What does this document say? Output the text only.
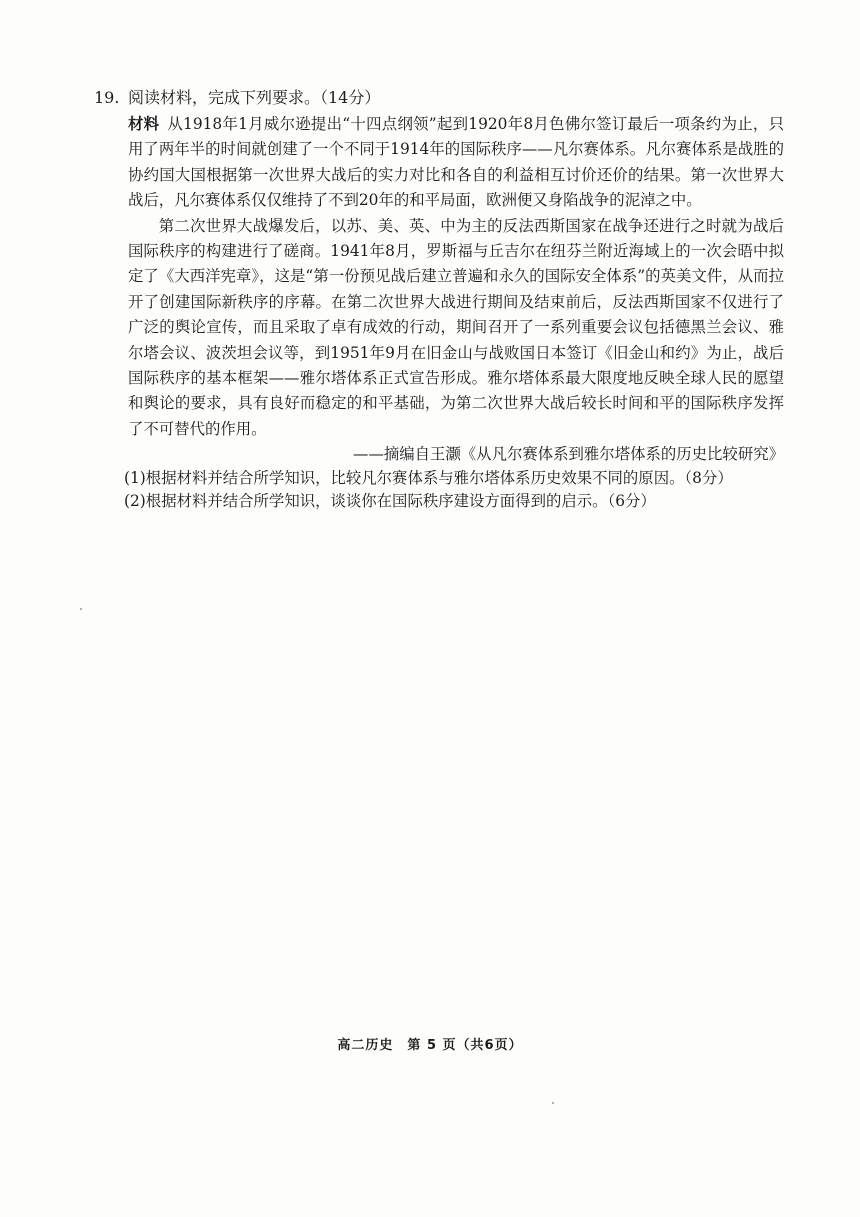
19. 阅读材料，完成下列要求。（14分）

材料 从1918年1月威尔逊提出“十四点纲领”起到1920年8月色佛尔签订最后一项条约为止，只用了两年半的时间就创建了一个不同于1914年的国际秩序——凡尔赛体系。凡尔赛体系是战胜的协约国大国根据第一次世界大战后的实力对比和各自的利益相互讨价还价的结果。第一次世界大战后，凡尔赛体系仅仅维持了不到20年的和平局面，欧洲便又身陷战争的泥淖之中。

第二次世界大战爆发后，以苏、美、英、中为主的反法西斯国家在战争还进行之时就为战后国际秩序的构建进行了磋商。1941年8月，罗斯福与丘吉尔在纽芬兰附近海域上的一次会晤中拟定了《大西洋宪章》，这是“第一份预见战后建立普遍和永久的国际安全体系”的英美文件，从而拉开了创建国际新秩序的序幕。在第二次世界大战进行期间及结束前后，反法西斯国家不仅进行了广泛的舆论宣传，而且采取了卓有成效的行动，期间召开了一系列重要会议包括德黑兰会议、雅尔塔会议、波茨坦会议等，到1951年9月在旧金山与战败国日本签订《旧金山和约》为止，战后国际秩序的基本框架——雅尔塔体系正式宣告形成。雅尔塔体系最大限度地反映全球人民的愿望和舆论的要求，具有良好而稳定的和平基础，为第二次世界大战后较长时间和平的国际秩序发挥了不可替代的作用。

——摘编自王灏《从凡尔赛体系到雅尔塔体系的历史比较研究》

(1)根据材料并结合所学知识，比较凡尔赛体系与雅尔塔体系历史效果不同的原因。（8分）
(2)根据材料并结合所学知识，谈谈你在国际秩序建设方面得到的启示。（6分）
高二历史　第 5 页（共6页）
